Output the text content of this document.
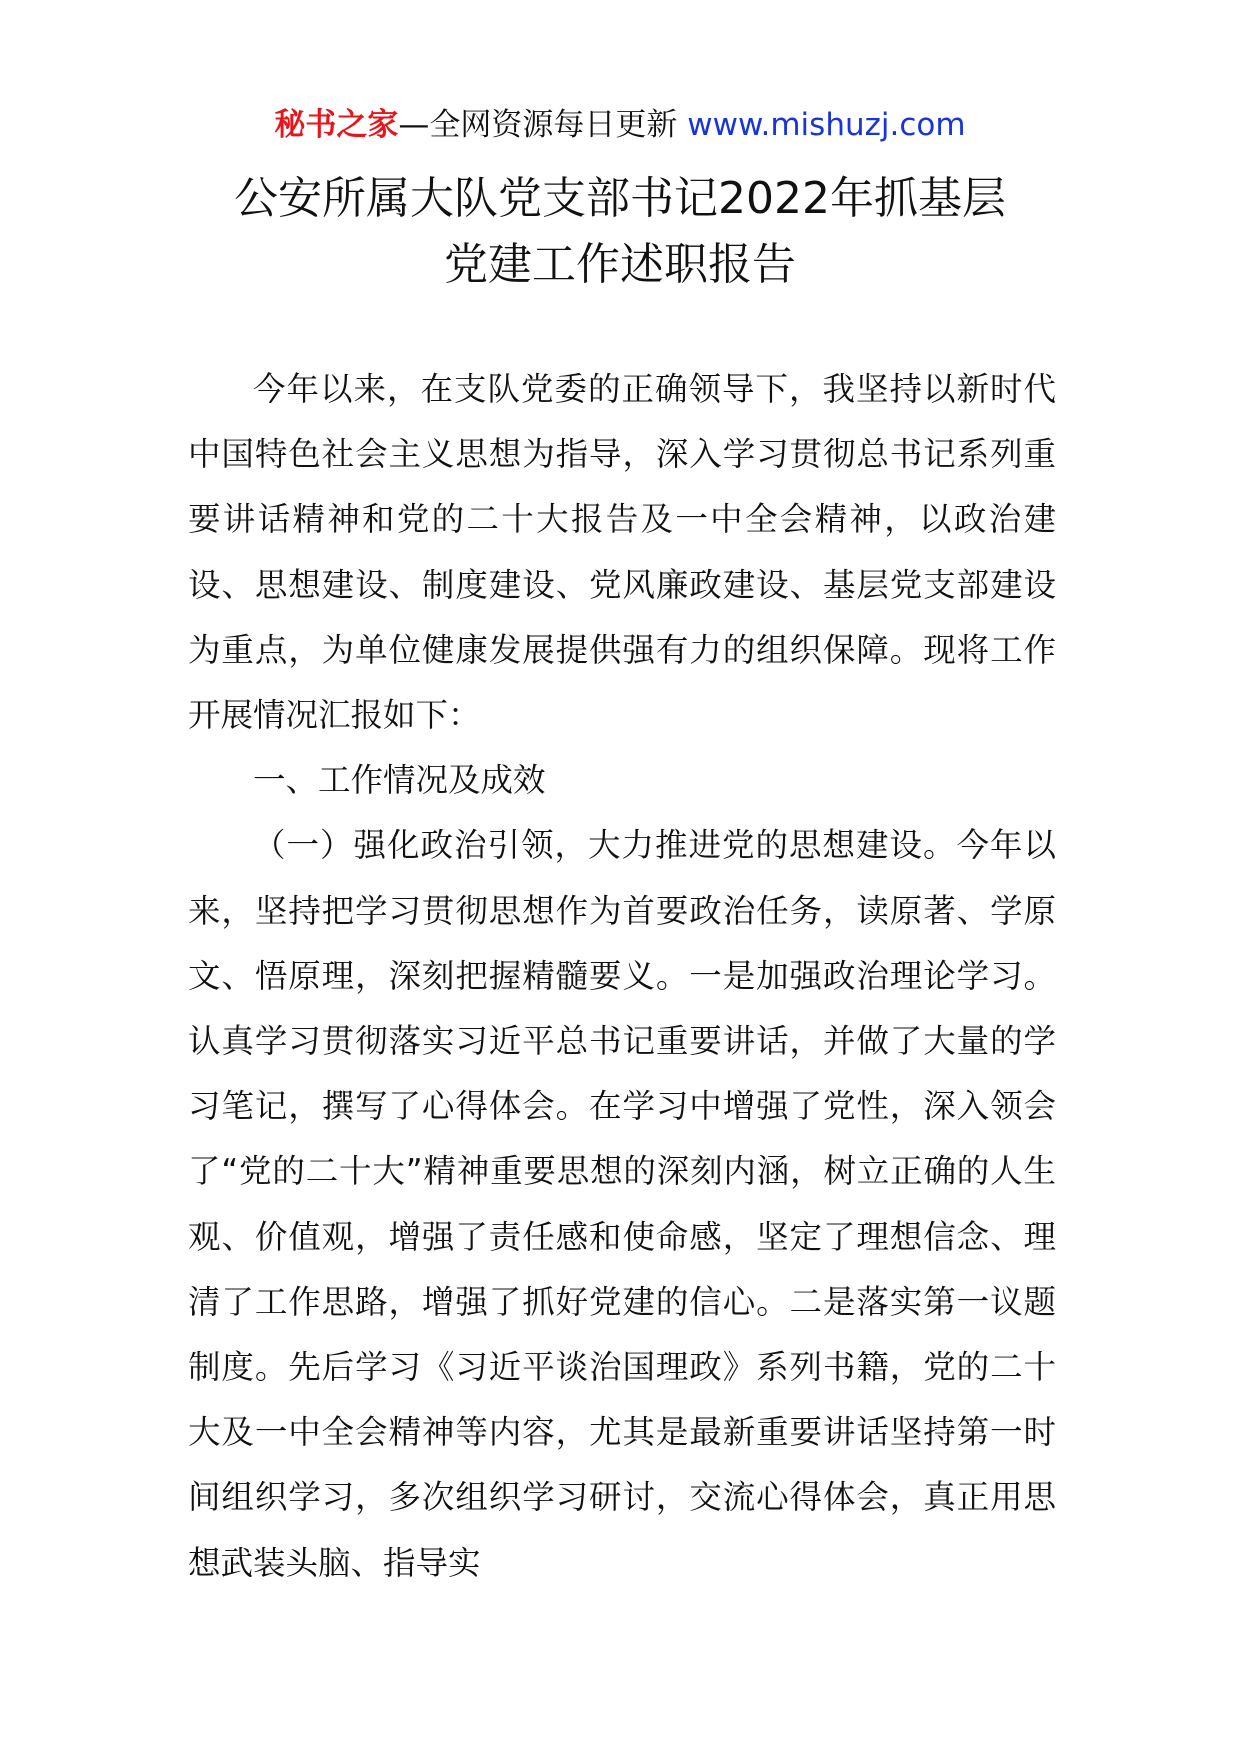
秘书之家—全网资源每日更新 www.mishuzj.com
公安所属大队党支部书记2022年抓基层
党建工作述职报告

今年以来，在支队党委的正确领导下，我坚持以新时代中国特色社会主义思想为指导，深入学习贯彻总书记系列重要讲话精神和党的二十大报告及一中全会精神，以政治建设、思想建设、制度建设、党风廉政建设、基层党支部建设为重点，为单位健康发展提供强有力的组织保障。现将工作开展情况汇报如下：

一、工作情况及成效

（一）强化政治引领，大力推进党的思想建设。今年以来，坚持把学习贯彻思想作为首要政治任务，读原著、学原文、悟原理，深刻把握精髓要义。一是加强政治理论学习。认真学习贯彻落实习近平总书记重要讲话，并做了大量的学习笔记，撰写了心得体会。在学习中增强了党性，深入领会了“党的二十大”精神重要思想的深刻内涵，树立正确的人生观、价值观，增强了责任感和使命感，坚定了理想信念、理清了工作思路，增强了抓好党建的信心。二是落实第一议题制度。先后学习《习近平谈治国理政》系列书籍，党的二十大及一中全会精神等内容，尤其是最新重要讲话坚持第一时间组织学习，多次组织学习研讨，交流心得体会，真正用思想武装头脑、指导实
